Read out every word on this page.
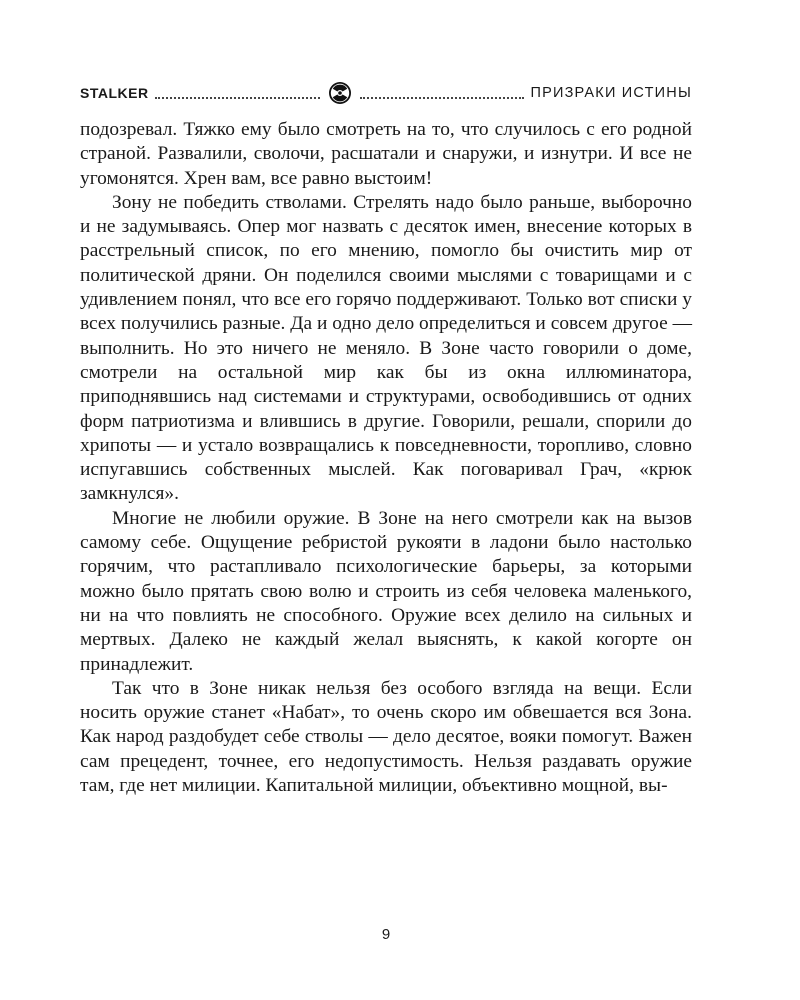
STALKER	ПРИЗРАКИ ИСТИНЫ

подозревал. Тяжко ему было смотреть на то, что случилось с его родной страной. Развалили, сволочи, расшатали и снаружи, и изнутри. И все не угомонятся. Хрен вам, все равно выстоим!

Зону не победить стволами. Стрелять надо было раньше, выборочно и не задумываясь. Опер мог назвать с десяток имен, внесение которых в расстрельный список, по его мнению, помогло бы очистить мир от политической дряни. Он поделился своими мыслями с товарищами и с удивлением понял, что все его горячо поддерживают. Только вот списки у всех получились разные. Да и одно дело определиться и совсем другое — выполнить. Но это ничего не меняло. В Зоне часто говорили о доме, смотрели на остальной мир как бы из окна иллюминатора, приподнявшись над системами и структурами, освободившись от одних форм патриотизма и влившись в другие. Говорили, решали, спорили до хрипоты — и устало возвращались к повседневности, торопливо, словно испугавшись собственных мыслей. Как поговаривал Грач, «крюк замкнулся».

Многие не любили оружие. В Зоне на него смотрели как на вызов самому себе. Ощущение ребристой рукояти в ладони было настолько горячим, что растапливало психологические барьеры, за которыми можно было прятать свою волю и строить из себя человека маленького, ни на что повлиять не способного. Оружие всех делило на сильных и мертвых. Далеко не каждый желал выяснять, к какой когорте он принадлежит.

Так что в Зоне никак нельзя без особого взгляда на вещи. Если носить оружие станет «Набат», то очень скоро им обвешается вся Зона. Как народ раздобудет себе стволы — дело десятое, вояки помогут. Важен сам прецедент, точнее, его недопустимость. Нельзя раздавать оружие там, где нет милиции. Капитальной милиции, объективно мощной, вы-

9
